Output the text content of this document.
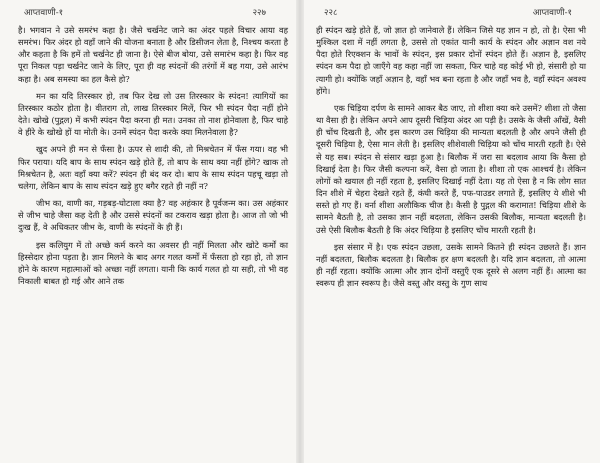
आप्तवाणी-१	२२७

है। भगवान ने उसे समरंभ कहा है। जैसे चर्खनेट जाने का अंदर पहले विचार आया वह समरंभ। फिर अंदर हो वहाँ जाने की योजना बनाता है और डिसीजन लेता है, निश्चय करता है और कहता है कि हमें तो चर्खनेट ही जाना है। ऐसे बीज बोया, उसे समारंभ कहा है। फिर वह पूरा निकल पड़ा चर्खनेट जाने के लिए, पूरा ही वह स्पंदनों की तरंगों में बह गया, उसे आरंभ कहा है। अब समस्या का हल कैसे हो?

मन का यदि तिरस्कार हो, तब फिर देख लो उस तिरस्कार के स्पंदन! त्यागियों का तिरस्कार कठोर होता है। वीतराग तो, लाख तिरस्कार मिलें, फिर भी स्पंदन पैदा नहीं होने देते। खोखे (पुद्गल) में कभी स्पंदन पैदा करना ही मत। उनका तो नाश होनेवाला है, फिर चाहे वे हीरे के खोखे हों या मोती के। उनमें स्पंदन पैदा करके क्या मिलनेवाला है?

खुद अपने ही मन से फँसा है। ऊपर से शादी की, तो मिश्रचेतन में फँस गया। वह भी फिर पराया। यदि बाप के साथ स्पंदन खड़े होते हैं, तो बाप के साथ क्या नहीं होंगे? खाक तो मिश्रचेतन है, अतः वहाँ क्या करें? स्पंदन ही बंद कर दो। बाप के साथ स्पंदन पहचू खड़ा तो चलेगा, लेकिन बाप के साथ स्पंदन खड़े हुए बगैर रहते ही नहीं न?

जीभ का, वाणी का, गड़बड़-घोटाला क्या है? वह अहंकार है पूर्वजन्म का। उस अहंकार से जीभ चाहे जैसा कह देती है और उससे स्पंदनों का टकराव खड़ा होता है। आज तो जो भी दुःख हैं, वे अधिकतर जीभ के, वाणी के स्पंदनों के ही हैं।

इस कलियुग में तो अच्छे कर्म करने का अवसर ही नहीं मिलता और खोटे कर्मों का हिस्सेदार होना पड़ता है। ज्ञान मिलने के बाद अगर गलत कर्मों में फँसता हो रहा हो, तो ज्ञान होने के कारण महात्माओं को अच्छा नहीं लगता। यानी कि कार्य गलत हो या सही, तो भी वह निकाली बाबत हो गई और आने तक

२२८	आप्तवाणी-१

ही स्पंदन खड़े होते हैं, जो ज्ञात हो जानेवाले हैं। लेकिन जिसे यह ज्ञान न हो, तो है। ऐसा भी मुश्किल दशा में नहीं लगता है, उससे तो एकांत यानी कार्य के स्पंदन और अज्ञान वश नये पैदा होते रिएक्शन के भावों के स्पंदन, इस प्रकार दोनों स्पंदन होते हैं। अज्ञान है, इसलिए स्पंदन कम पैदा हो जाएँगे वह कहा नहीं जा सकता, फिर चाहे वह कोई भी हो, संसारी हो या त्यागी हो। क्योंकि जहाँ अज्ञान है, वहाँ भव बना रहता है और जहाँ भव है, वहाँ स्पंदन अवश्य होंगे।

एक चिड़िया दर्पण के सामने आकर बैठ जाए, तो शीशा क्या करे उसमें? शीशा तो जैसा था वैसा ही है। लेकिन अपने आप दूसरी चिड़िया अंदर आ पड़ी है। उसके के जैसी आँखें, वैसी ही चोंच दिखती है, और इस कारण उस चिड़िया की मान्यता बदलती है और अपने जैसी ही दूसरी चिड़िया है, ऐसा मान लेती है। इसलिए शीशेवाली चिड़िया को चोंच मारती रहती है। ऐसे से यह सब। स्पंदन से संसार खड़ा हुआ है। बिलौक में जरा सा बदलाव आया कि कैसा हो दिखाई देता है। फिर जैसी कल्पना करें, वैसा हो जाता है। शीशा तो एक आश्चर्य है। लेकिन लोगों को खयाल ही नहीं रहता है, इसलिए दिखाई नहीं देता। यह तो ऐसा है न कि लोग सात दिन शीशे में चेहरा देखते रहते हैं, कंघी करते हैं, पफ-पाउडर लगाते हैं, इसलिए ये शीशे भी सस्ते हो गए हैं। वर्ना शीशा अलौकिक चीज है। कैसी है पुद्गल की करामात! चिड़िया शीशे के सामने बैठती है, तो उसका ज्ञान नहीं बदलता, लेकिन उसकी बिलौक, मान्यता बदलती है। उसे ऐसी बिलौक बैठती है कि अंदर चिड़िया है इसलिए चोंच मारती रहती है।

इस संसार में है। एक स्पंदन उछला, उसके सामने कितने ही स्पंदन उछलते हैं। ज्ञान नहीं बदलता, बिलौक बदलता है। बिलौक हर क्षण बदलती है। यदि ज्ञान बदलता, तो आत्मा ही नहीं रहता। क्योंकि आत्मा और ज्ञान दोनों वस्तुएँ एक दूसरे से अलग नहीं हैं। आत्मा का स्वरूप ही ज्ञान स्वरूप है। जैसे वस्तु और वस्तु के गुण साथ
